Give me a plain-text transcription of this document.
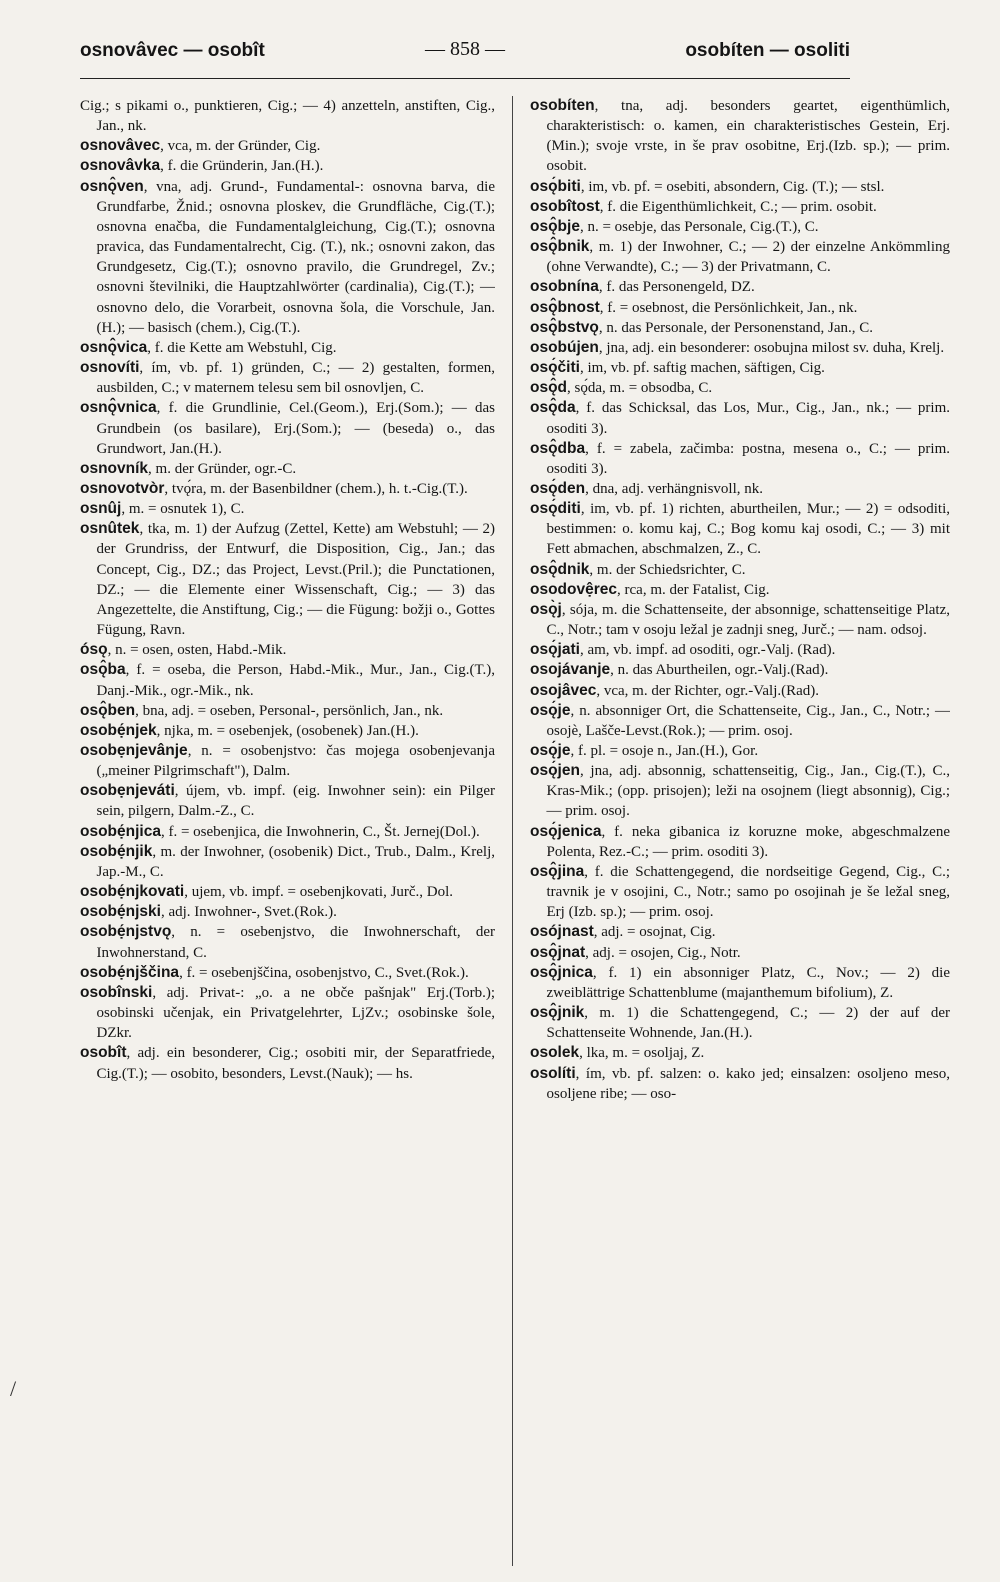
osnovâvec — osobît	— 858 —	osobíten — osoliti

Cig.; s pikami o., punktieren, Cig.; — 4) anzetteln, anstiften, Cig., Jan., nk.

osnovâvec, vca, m. der Gründer, Cig.

osnovâvka, f. die Gründerin, Jan.(H.).

osnǫ̂ven, vna, adj. Grund-, Fundamental-: osnovna barva, die Grundfarbe, Žnid.; osnovna ploskev, die Grundfläche, Cig.(T.); osnovna enačba, die Fundamentalgleichung, Cig.(T.); osnovna pravica, das Fundamentalrecht, Cig. (T.), nk.; osnovni zakon, das Grundgesetz, Cig.(T.); osnovno pravilo, die Grundregel, Zv.; osnovni številniki, die Hauptzahlwörter (cardinalia), Cig.(T.); — osnovno delo, die Vorarbeit, osnovna šola, die Vorschule, Jan. (H.); — basisch (chem.), Cig.(T.).

osnǫ̂vica, f. die Kette am Webstuhl, Cig.

osnovíti, ím, vb. pf. 1) gründen, C.; — 2) gestalten, formen, ausbilden, C.; v maternem telesu sem bil osnovljen, C.

osnǫ̂vnica, f. die Grundlinie, Cel.(Geom.), Erj.(Som.); — das Grundbein (os basilare), Erj.(Som.); — (beseda) o., das Grundwort, Jan.(H.).

osnovník, m. der Gründer, ogr.-C.

osnovotvòr, tvǫ́ra, m. der Basenbildner (chem.), h. t.-Cig.(T.).

osnûj, m. = osnutek 1), C.

osnûtek, tka, m. 1) der Aufzug (Zettel, Kette) am Webstuhl; — 2) der Grundriss, der Entwurf, die Disposition, Cig., Jan.; das Concept, Cig., DZ.; das Project, Levst.(Pril.); die Punctationen, DZ.; — die Elemente einer Wissenschaft, Cig.; — 3) das Angezettelte, die Anstiftung, Cig.; — die Fügung: božji o., Gottes Fügung, Ravn.

ósǫ, n. = osen, osten, Habd.-Mik.

osǫ̂ba, f. = oseba, die Person, Habd.-Mik., Mur., Jan., Cig.(T.), Danj.-Mik., ogr.-Mik., nk.

osǫ̂ben, bna, adj. = oseben, Personal-, persönlich, Jan., nk.

osobẹ́njek, njka, m. = osebenjek, (osobenek) Jan.(H.).

osobẹnjevânje, n. = osobenjstvo: čas mojega osobenjevanja („meiner Pilgrimschaft"), Dalm.

osobẹnjeváti, újem, vb. impf. (eig. Inwohner sein): ein Pilger sein, pilgern, Dalm.-Z., C.

osobẹ́njica, f. = osebenjica, die Inwohnerin, C., Št. Jernej(Dol.).

osobẹ́njik, m. der Inwohner, (osobenik) Dict., Trub., Dalm., Krelj, Jap.-M., C.

osobẹ́njkovati, ujem, vb. impf. = osebenjkovati, Jurč., Dol.

osobẹ́njski, adj. Inwohner-, Svet.(Rok.).

osobẹ́njstvǫ, n. = osebenjstvo, die Inwohnerschaft, der Inwohnerstand, C.

osobẹ́njščina, f. = osebenjščina, osobenjstvo, C., Svet.(Rok.).

osobînski, adj. Privat-: „o. a ne obče pašnjak" Erj.(Torb.); osobinski učenjak, ein Privatgelehrter, LjZv.; osobinske šole, DZkr.

osobît, adj. ein besonderer, Cig.; osobiti mir, der Separatfriede, Cig.(T.); — osobito, besonders, Levst.(Nauk); — hs.

osobíten, tna, adj. besonders geartet, eigenthümlich, charakteristisch: o. kamen, ein charakteristisches Gestein, Erj.(Min.); svoje vrste, in še prav osobitne, Erj.(Izb. sp.); — prim. osobit.

osǫ́biti, im, vb. pf. = osebiti, absondern, Cig. (T.); — stsl.

osobîtost, f. die Eigenthümlichkeit, C.; — prim. osobit.

osǫ̂bje, n. = osebje, das Personale, Cig.(T.), C.

osǫ̂bnik, m. 1) der Inwohner, C.; — 2) der einzelne Ankömmling (ohne Verwandte), C.; — 3) der Privatmann, C.

osobnína, f. das Personengeld, DZ.

osǫ̂bnost, f. = osebnost, die Persönlichkeit, Jan., nk.

osǫ̂bstvǫ, n. das Personale, der Personenstand, Jan., C.

osobújen, jna, adj. ein besonderer: osobujna milost sv. duha, Krelj.

osǫ́čiti, im, vb. pf. saftig machen, säftigen, Cig.

osǫ̂d, sǫ́da, m. = obsodba, C.

osǫ̂da, f. das Schicksal, das Los, Mur., Cig., Jan., nk.; — prim. osoditi 3).

osǫ̂dba, f. = zabela, začimba: postna, mesena o., C.; — prim. osoditi 3).

osǫ́den, dna, adj. verhängnisvoll, nk.

osǫ́diti, im, vb. pf. 1) richten, aburtheilen, Mur.; — 2) = odsoditi, bestimmen: o. komu kaj, C.; Bog komu kaj osodi, C.; — 3) mit Fett abmachen, abschmalzen, Z., C.

osǫ̂dnik, m. der Schiedsrichter, C.

osodovệrec, rca, m. der Fatalist, Cig.

osǫ̀j, sója, m. die Schattenseite, der absonnige, schattenseitige Platz, C., Notr.; tam v osoju ležal je zadnji sneg, Jurč.; — nam. odsoj.

osǫ́jati, am, vb. impf. ad osoditi, ogr.-Valj. (Rad).

osojávanje, n. das Aburtheilen, ogr.-Valj.(Rad).

osojâvec, vca, m. der Richter, ogr.-Valj.(Rad).

osǫ́je, n. absonniger Ort, die Schattenseite, Cig., Jan., C., Notr.; — osojè, Lašče-Levst.(Rok.); — prim. osoj.

osǫ́je, f. pl. = osoje n., Jan.(H.), Gor.

osǫ́jen, jna, adj. absonnig, schattenseitig, Cig., Jan., Cig.(T.), C., Kras-Mik.; (opp. prisojen); leži na osojnem (liegt absonnig), Cig.; — prim. osoj.

osǫ́jenica, f. neka gibanica iz koruzne moke, abgeschmalzene Polenta, Rez.-C.; — prim. osoditi 3).

osǫ̂jina, f. die Schattengegend, die nordseitige Gegend, Cig., C.; travnik je v osojini, C., Notr.; samo po osojinah je še ležal sneg, Erj (Izb. sp.); — prim. osoj.

osójnast, adj. = osojnat, Cig.

osǫ̂jnat, adj. = osojen, Cig., Notr.

osǫ̂jnica, f. 1) ein absonniger Platz, C., Nov.; — 2) die zweiblättrige Schattenblume (majanthemum bifolium), Z.

osǫ̂jnik, m. 1) die Schattengegend, C.; — 2) der auf der Schattenseite Wohnende, Jan.(H.).

osolek, lka, m. = osoljaj, Z.

osolíti, ím, vb. pf. salzen: o. kako jed; einsalzen: osoljeno meso, osoljene ribe; — oso-

/
